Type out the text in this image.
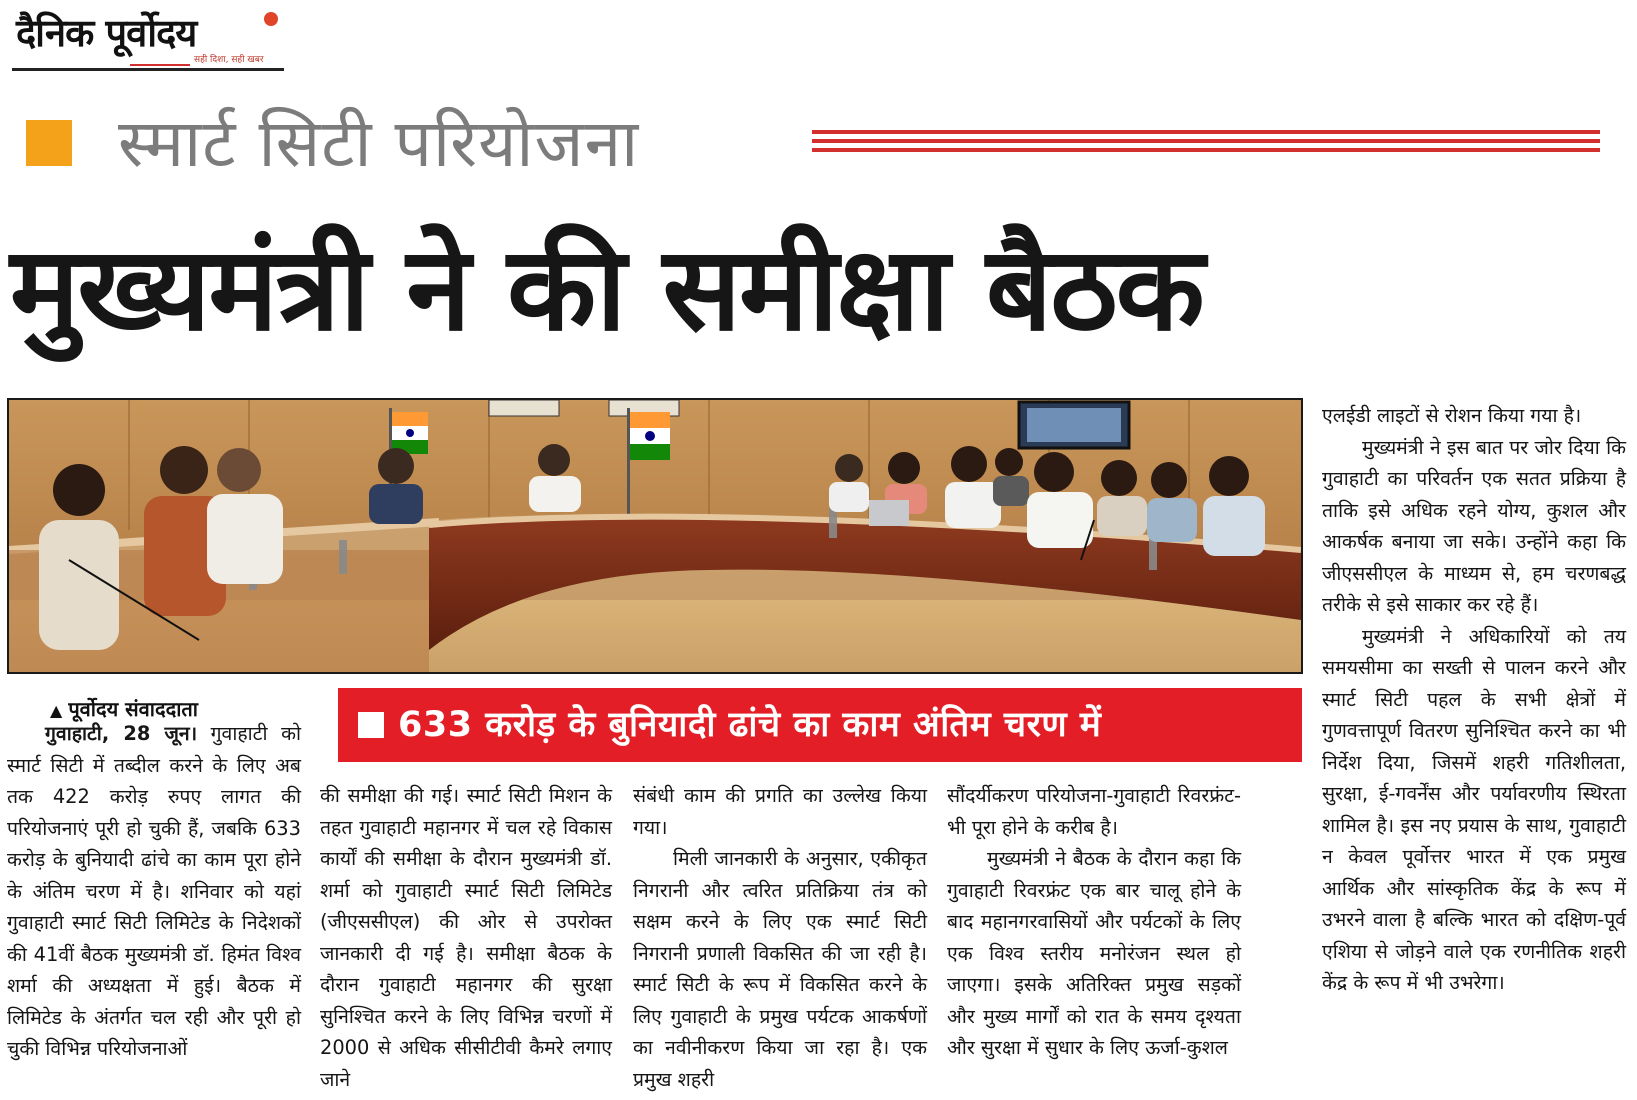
दैनिक पूर्वोदय
सही दिशा, सही खबर
स्मार्ट सिटी परियोजना
मुख्यमंत्री ने की समीक्षा बैठक
▲ पूर्वोदय संवाददाता	633 करोड़ के बुनियादी ढांचे का काम अंतिम चरण में

गुवाहाटी, 28 जून। गुवाहाटी को स्मार्ट सिटी में तब्दील करने के लिए अब तक 422 करोड़ रुपए लागत की परियोजनाएं पूरी हो चुकी हैं, जबकि 633 करोड़ के बुनियादी ढांचे का काम पूरा होने के अंतिम चरण में है। शनिवार को यहां गुवाहाटी स्मार्ट सिटी लिमिटेड के निदेशकों की 41वीं बैठक मुख्यमंत्री डॉ. हिमंत विश्व शर्मा की अध्यक्षता में हुई। बैठक में लिमिटेड के अंतर्गत चल रही और पूरी हो चुकी विभिन्न परियोजनाओं

की समीक्षा की गई। स्मार्ट सिटी मिशन के तहत गुवाहाटी महानगर में चल रहे विकास कार्यों की समीक्षा के दौरान मुख्यमंत्री डॉ. शर्मा को गुवाहाटी स्मार्ट सिटी लिमिटेड (जीएससीएल) की ओर से उपरोक्त जानकारी दी गई है। समीक्षा बैठक के दौरान गुवाहाटी महानगर की सुरक्षा सुनिश्चित करने के लिए विभिन्न चरणों में 2000 से अधिक सीसीटीवी कैमरे लगाए जाने

संबंधी काम की प्रगति का उल्लेख किया गया।

मिली जानकारी के अनुसार, एकीकृत निगरानी और त्वरित प्रतिक्रिया तंत्र को सक्षम करने के लिए एक स्मार्ट सिटी निगरानी प्रणाली विकसित की जा रही है। स्मार्ट सिटी के रूप में विकसित करने के लिए गुवाहाटी के प्रमुख पर्यटक आकर्षणों का नवीनीकरण किया जा रहा है। एक प्रमुख शहरी

सौंदर्यीकरण परियोजना-गुवाहाटी रिवरफ्रंट-भी पूरा होने के करीब है।

मुख्यमंत्री ने बैठक के दौरान कहा कि गुवाहाटी रिवरफ्रंट एक बार चालू होने के बाद महानगरवासियों और पर्यटकों के लिए एक विश्व स्तरीय मनोरंजन स्थल हो जाएगा। इसके अतिरिक्त प्रमुख सड़कों और मुख्य मार्गों को रात के समय दृश्यता और सुरक्षा में सुधार के लिए ऊर्जा-कुशल

एलईडी लाइटों से रोशन किया गया है।

मुख्यमंत्री ने इस बात पर जोर दिया कि गुवाहाटी का परिवर्तन एक सतत प्रक्रिया है ताकि इसे अधिक रहने योग्य, कुशल और आकर्षक बनाया जा सके। उन्होंने कहा कि जीएससीएल के माध्यम से, हम चरणबद्ध तरीके से इसे साकार कर रहे हैं।

मुख्यमंत्री ने अधिकारियों को तय समयसीमा का सख्ती से पालन करने और स्मार्ट सिटी पहल के सभी क्षेत्रों में गुणवत्तापूर्ण वितरण सुनिश्चित करने का भी निर्देश दिया, जिसमें शहरी गतिशीलता, सुरक्षा, ई-गवर्नेंस और पर्यावरणीय स्थिरता शामिल है। इस नए प्रयास के साथ, गुवाहाटी न केवल पूर्वोत्तर भारत में एक प्रमुख आर्थिक और सांस्कृतिक केंद्र के रूप में उभरने वाला है बल्कि भारत को दक्षिण-पूर्व एशिया से जोड़ने वाले एक रणनीतिक शहरी केंद्र के रूप में भी उभरेगा।
